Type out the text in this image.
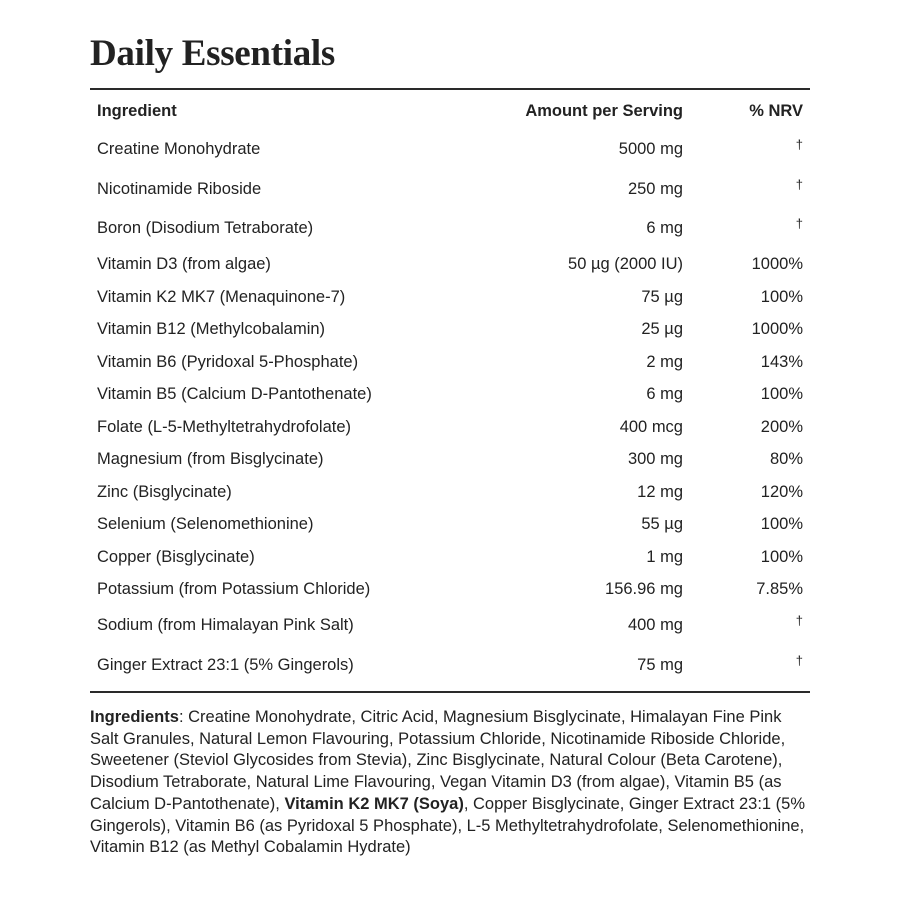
Daily Essentials
Ingredient	Amount per Serving	% NRV
Creatine Monohydrate	5000 mg	†
Nicotinamide Riboside	250 mg	†
Boron (Disodium Tetraborate)	6 mg	†
Vitamin D3 (from algae)	50 µg (2000 IU)	1000%
Vitamin K2 MK7 (Menaquinone-7)	75 µg	100%
Vitamin B12 (Methylcobalamin)	25 µg	1000%
Vitamin B6 (Pyridoxal 5-Phosphate)	2 mg	143%
Vitamin B5 (Calcium D-Pantothenate)	6 mg	100%
Folate (L-5-Methyltetrahydrofolate)	400 mcg	200%
Magnesium (from Bisglycinate)	300 mg	80%
Zinc (Bisglycinate)	12 mg	120%
Selenium (Selenomethionine)	55 µg	100%
Copper (Bisglycinate)	1 mg	100%
Potassium (from Potassium Chloride)	156.96 mg	7.85%
Sodium (from Himalayan Pink Salt)	400 mg	†
Ginger Extract 23:1 (5% Gingerols)	75 mg	†

Ingredients: Creatine Monohydrate, Citric Acid, Magnesium Bisglycinate, Himalayan Fine Pink Salt Granules, Natural Lemon Flavouring, Potassium Chloride, Nicotinamide Riboside Chloride, Sweetener (Steviol Glycosides from Stevia), Zinc Bisglycinate, Natural Colour (Beta Carotene), Disodium Tetraborate, Natural Lime Flavouring, Vegan Vitamin D3 (from algae), Vitamin B5 (as Calcium D-Pantothenate), Vitamin K2 MK7 (Soya), Copper Bisglycinate, Ginger Extract 23:1 (5% Gingerols), Vitamin B6 (as Pyridoxal 5 Phosphate), L-5 Methyltetrahydrofolate, Selenomethionine, Vitamin B12 (as Methyl Cobalamin Hydrate)
